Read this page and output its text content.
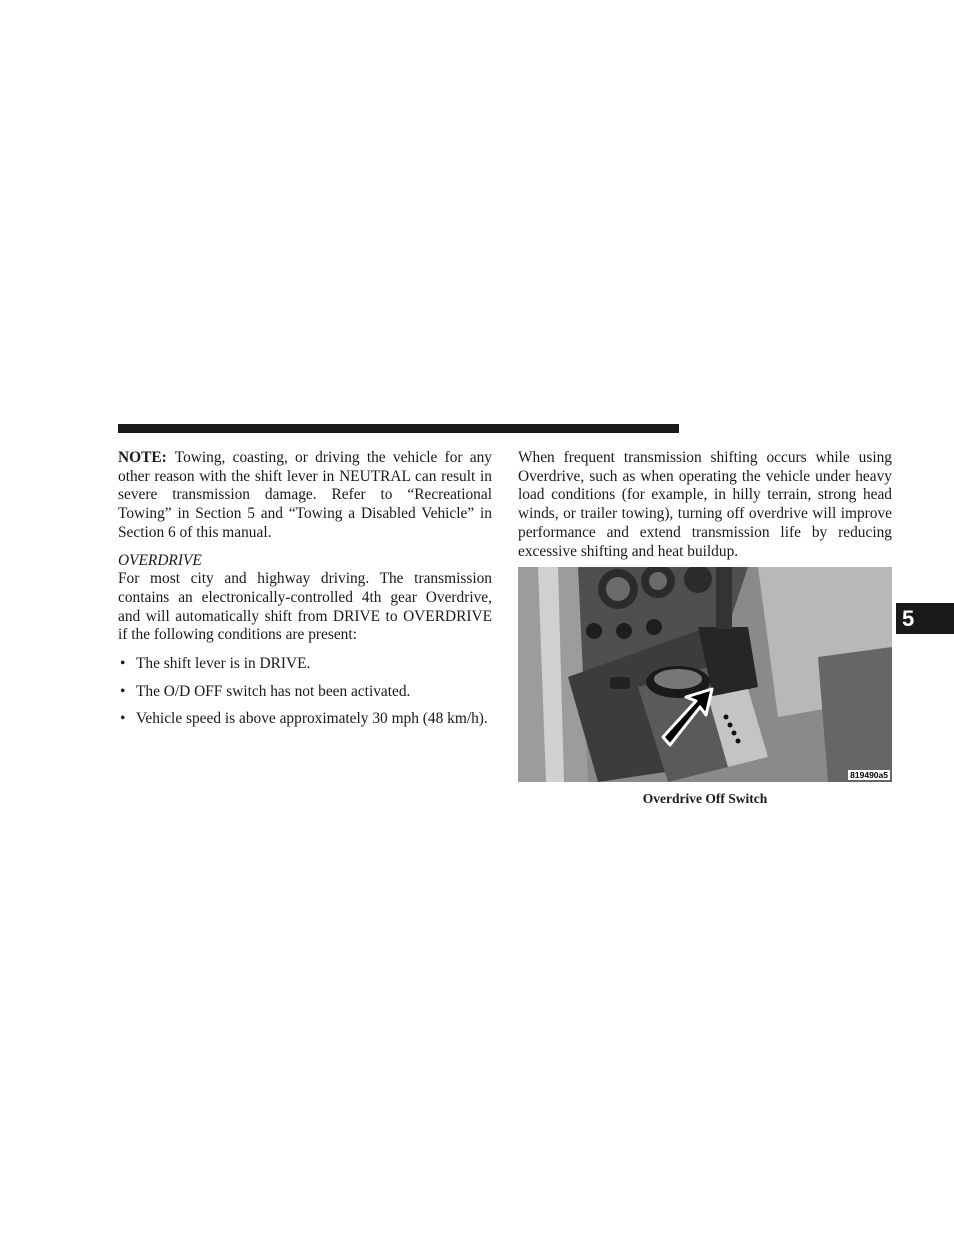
NOTE: Towing, coasting, or driving the vehicle for any other reason with the shift lever in NEUTRAL can result in severe transmission damage. Refer to “Recreational Towing” in Section 5 and “Towing a Disabled Vehicle” in Section 6 of this manual.

OVERDRIVE

For most city and highway driving. The transmission contains an electronically-controlled 4th gear Overdrive, and will automatically shift from DRIVE to OVERDRIVE if the following conditions are present:

• The shift lever is in DRIVE.
• The O/D OFF switch has not been activated.
• Vehicle speed is above approximately 30 mph (48 km/h).

When frequent transmission shifting occurs while using Overdrive, such as when operating the vehicle under heavy load conditions (for example, in hilly terrain, strong head winds, or trailer towing), turning off overdrive will improve performance and extend transmission life by reducing excessive shifting and heat buildup.

819490a5

Overdrive Off Switch

5
